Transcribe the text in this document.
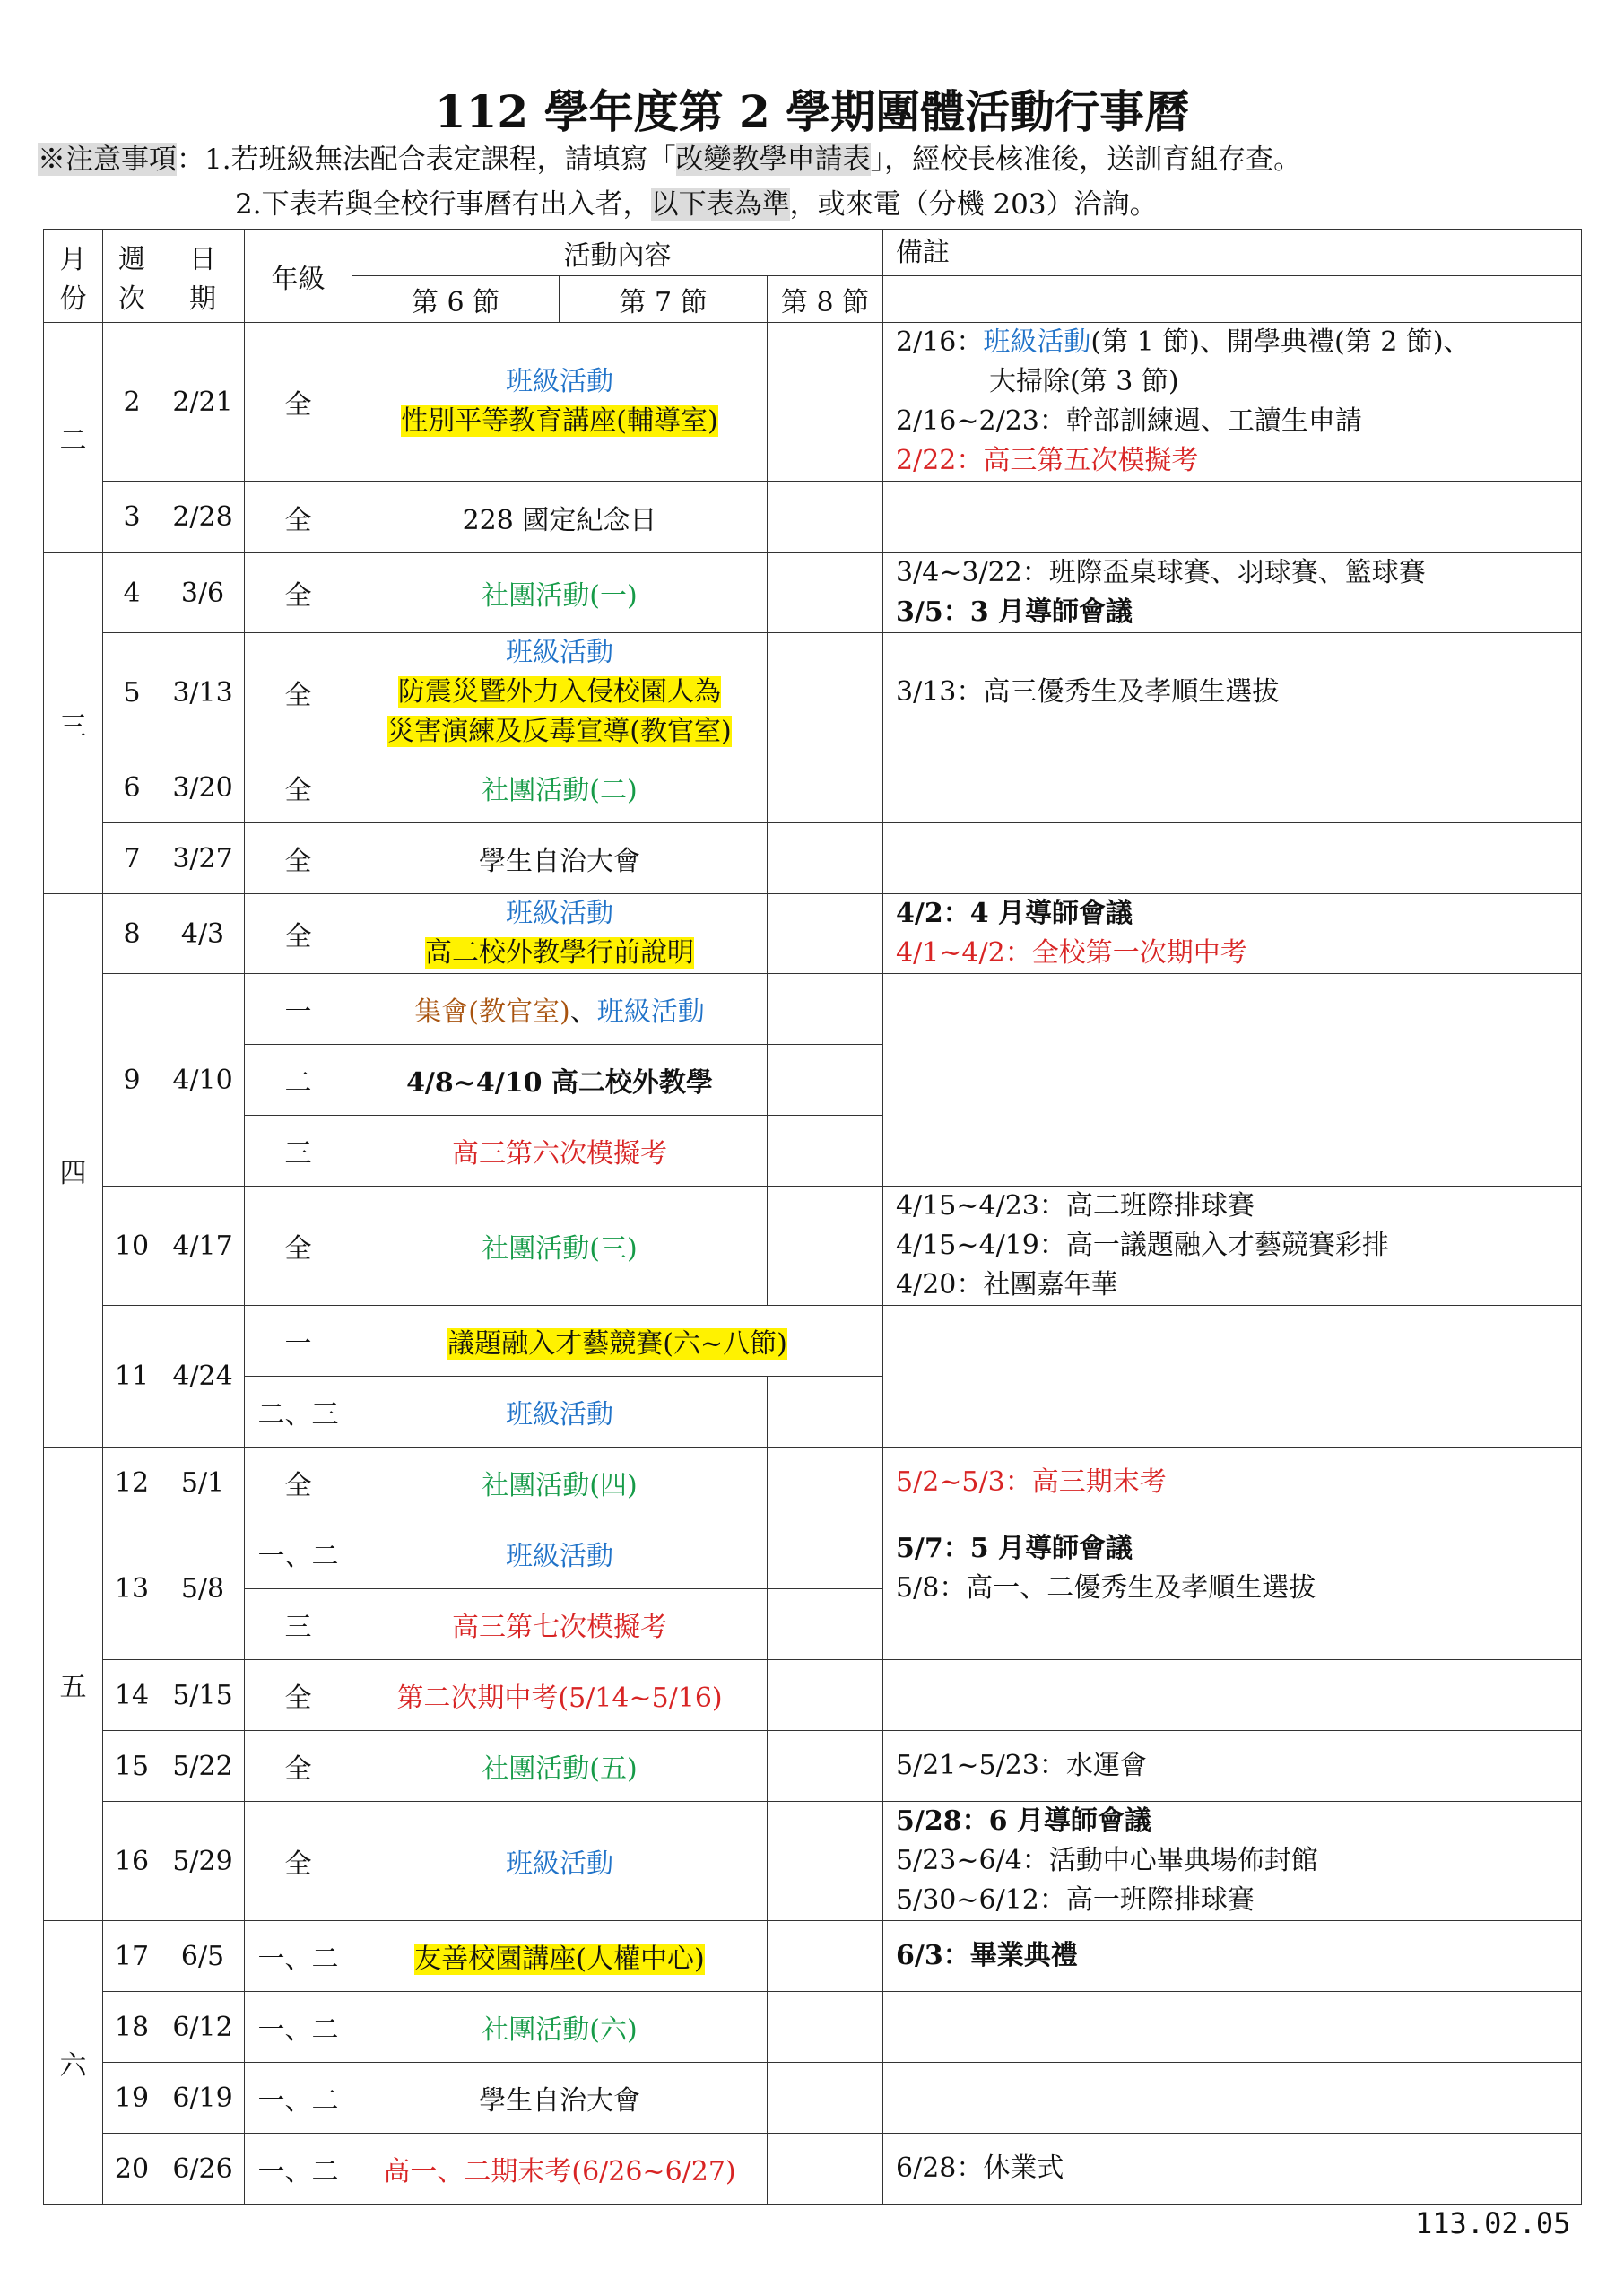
112 學年度第 2 學期團體活動行事曆
※注意事項：1.若班級無法配合表定課程，請填寫「改變教學申請表」，經校長核准後，送訓育組存查。
2.下表若與全校行事曆有出入者，以下表為準，或來電（分機 203）洽詢。
月
份	週
次	日
期	年級	活動內容			備註
				第 6 節	第 7 節	第 8 節	
二	2	2/21	全	班級活動
性別平等教育講座(輔導室)			2/16：班級活動(第 1 節)、開學典禮(第 2 節)、
大掃除(第 3 節)
2/16~2/23：幹部訓練週、工讀生申請
2/22：高三第五次模擬考
	3	2/28	全	228 國定紀念日			
三	4	3/6	全	社團活動(一)			3/4~3/22：班際盃桌球賽、羽球賽、籃球賽
3/5：3 月導師會議
	5	3/13	全	班級活動
防震災暨外力入侵校園人為
災害演練及反毒宣導(教官室)			3/13：高三優秀生及孝順生選拔
	6	3/20	全	社團活動(二)			
	7	3/27	全	學生自治大會			
四	8	4/3	全	班級活動
高二校外教學行前說明			4/2：4 月導師會議
4/1~4/2：全校第一次期中考
	9	4/10	一	集會(教官室)、班級活動			
			二	4/8~4/10 高二校外教學			
			三	高三第六次模擬考			
	10	4/17	全	社團活動(三)			4/15~4/23：高二班際排球賽
4/15~4/19：高一議題融入才藝競賽彩排
4/20：社團嘉年華
	11	4/24	一	議題融入才藝競賽(六~八節)			
			二、三	班級活動			
五	12	5/1	全	社團活動(四)			5/2~5/3：高三期末考
	13	5/8	一、二	班級活動			5/7：5 月導師會議
5/8：高一、二優秀生及孝順生選拔
			三	高三第七次模擬考			
	14	5/15	全	第二次期中考(5/14~5/16)			
	15	5/22	全	社團活動(五)			5/21~5/23：水運會
	16	5/29	全	班級活動			5/28：6 月導師會議
5/23~6/4：活動中心畢典場佈封館
5/30~6/12：高一班際排球賽
六	17	6/5	一、二	友善校園講座(人權中心)			6/3：畢業典禮
	18	6/12	一、二	社團活動(六)			
	19	6/19	一、二	學生自治大會			
	20	6/26	一、二	高一、二期末考(6/26~6/27)			6/28：休業式
113.02.05
